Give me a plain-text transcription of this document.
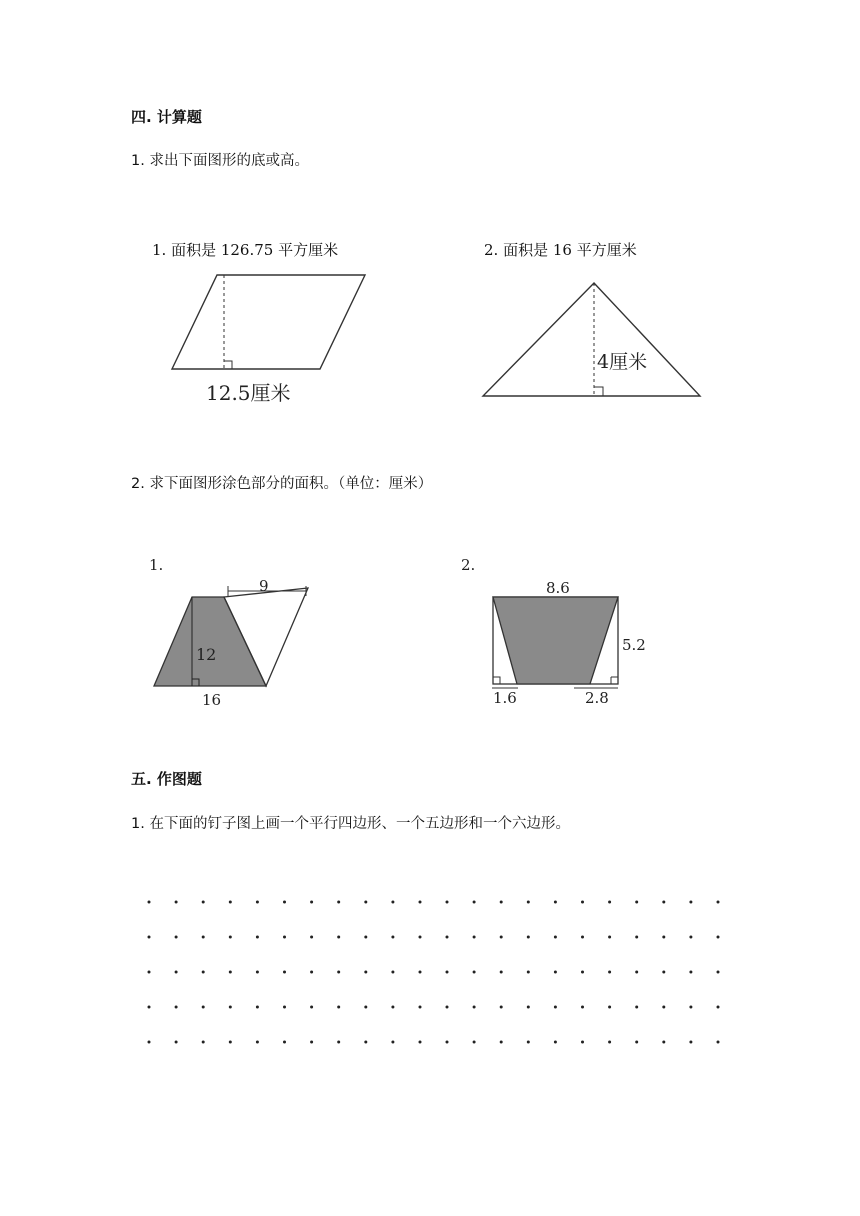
四. 计算题
1. 求出下面图形的底或高。
1. 面积是 126.75 平方厘米	2. 面积是 16 平方厘米
12.5厘米
4厘米
1.
9
12
16
2.
8.6
5.2
1.6	2.8
2. 求下面图形涂色部分的面积。（单位：厘米）
五. 作图题
1. 在下面的钉子图上画一个平行四边形、一个五边形和一个六边形。
